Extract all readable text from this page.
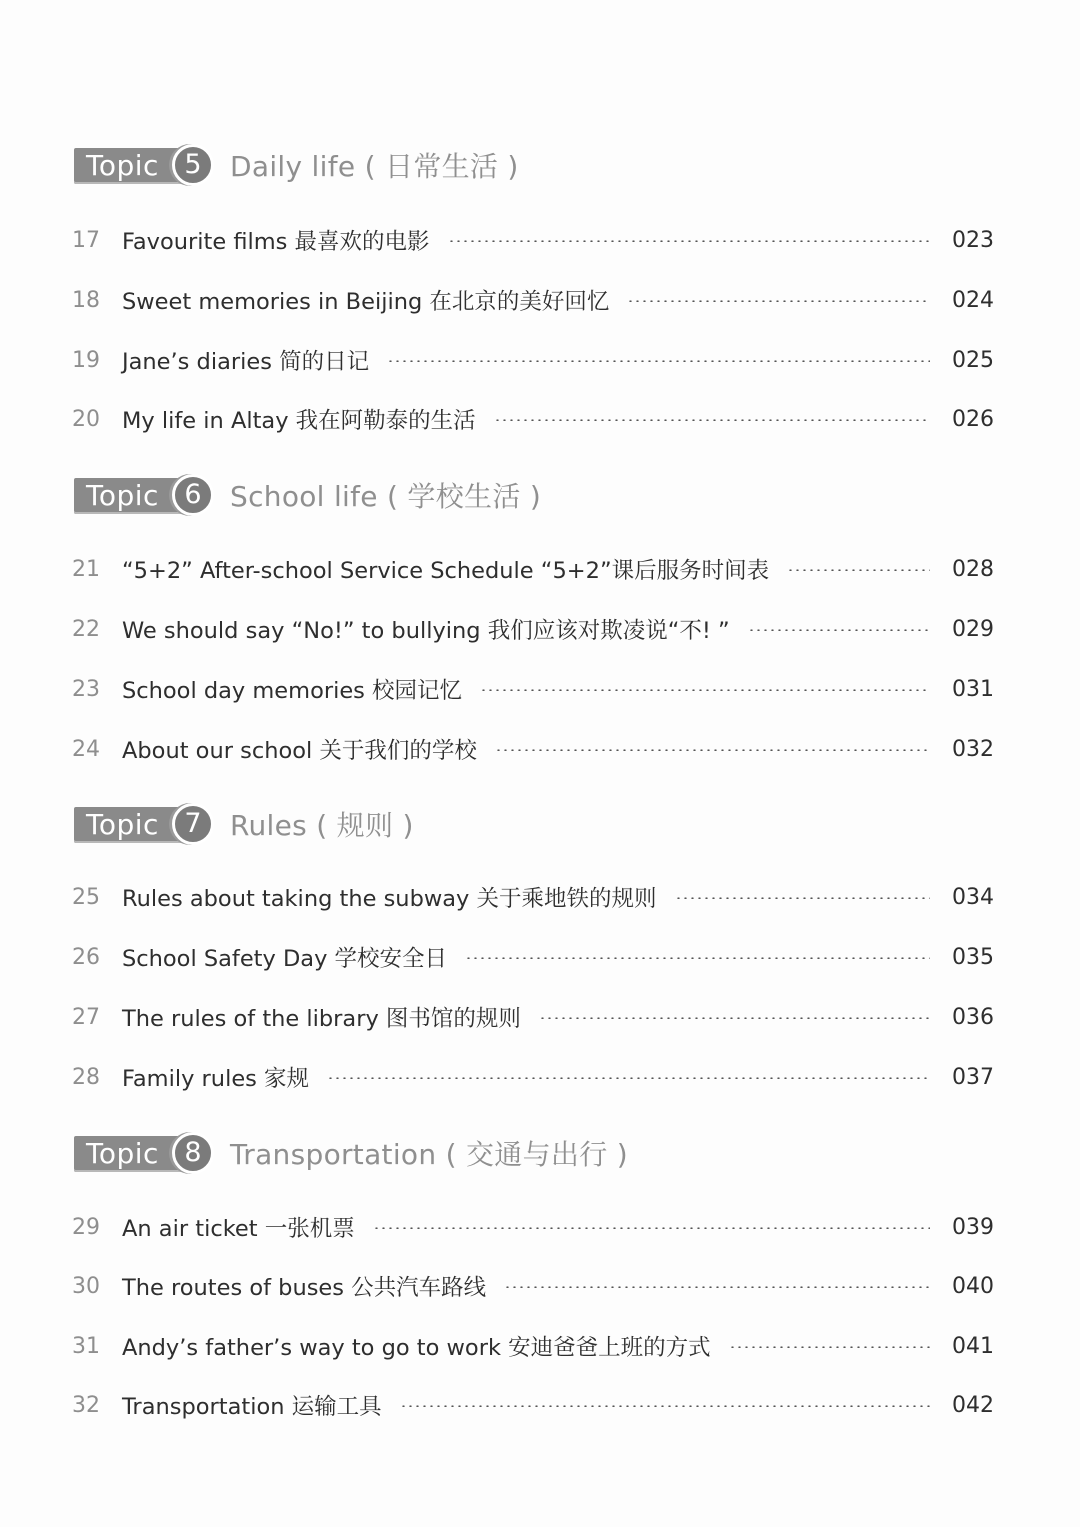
Topic 5	Daily life ( 日常生活 )
17 Favourite films 最喜欢的电影	023
18 Sweet memories in Beijing 在北京的美好回忆	024
19 Jane’s diaries 简的日记	025
20 My life in Altay 我在阿勒泰的生活	026
Topic 6	School life ( 学校生活 )
21 “5+2” After-school Service Schedule “5+2”课后服务时间表	028
22 We should say “No!” to bullying 我们应该对欺凌说“不! ”	029
23 School day memories 校园记忆	031
24 About our school 关于我们的学校	032
Topic 7	Rules ( 规则 )
25 Rules about taking the subway 关于乘地铁的规则	034
26 School Safety Day 学校安全日	035
27 The rules of the library 图书馆的规则	036
28 Family rules 家规	037
Topic 8	Transportation ( 交通与出行 )
29 An air ticket 一张机票	039
30 The routes of buses 公共汽车路线	040
31 Andy’s father’s way to go to work 安迪爸爸上班的方式	041
32 Transportation 运输工具	042
